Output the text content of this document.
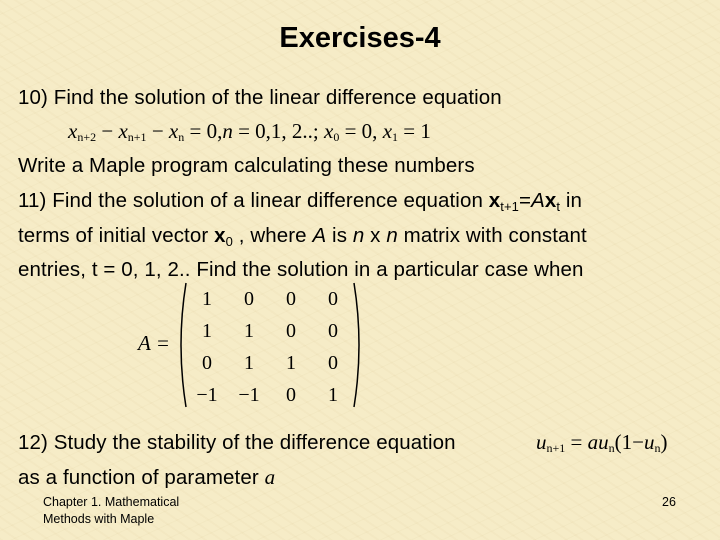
Exercises-4
10) Find the solution of the linear difference equation
$x_{n+2} - x_{n+1} - x_n = 0,n = 0,1$, 2..; $x_0 = 0$, $x_1 = 1$
Write a Maple program calculating these numbers
11) Find the solution of a linear difference equation xt+1=Axt in
terms of initial vector x0 , where A is n x n matrix with constant
entries, t = 0, 1, 2.. Find the solution in a particular case when
A =
1	0	0	0
1	1	0	0
0	1	1	0
−1	−1	0	1
12) Study the stability of the difference equation	$u_{n+1} = au_n(1-u_n)$
as a function of parameter a
Chapter 1. Mathematical
Methods with Maple
26
